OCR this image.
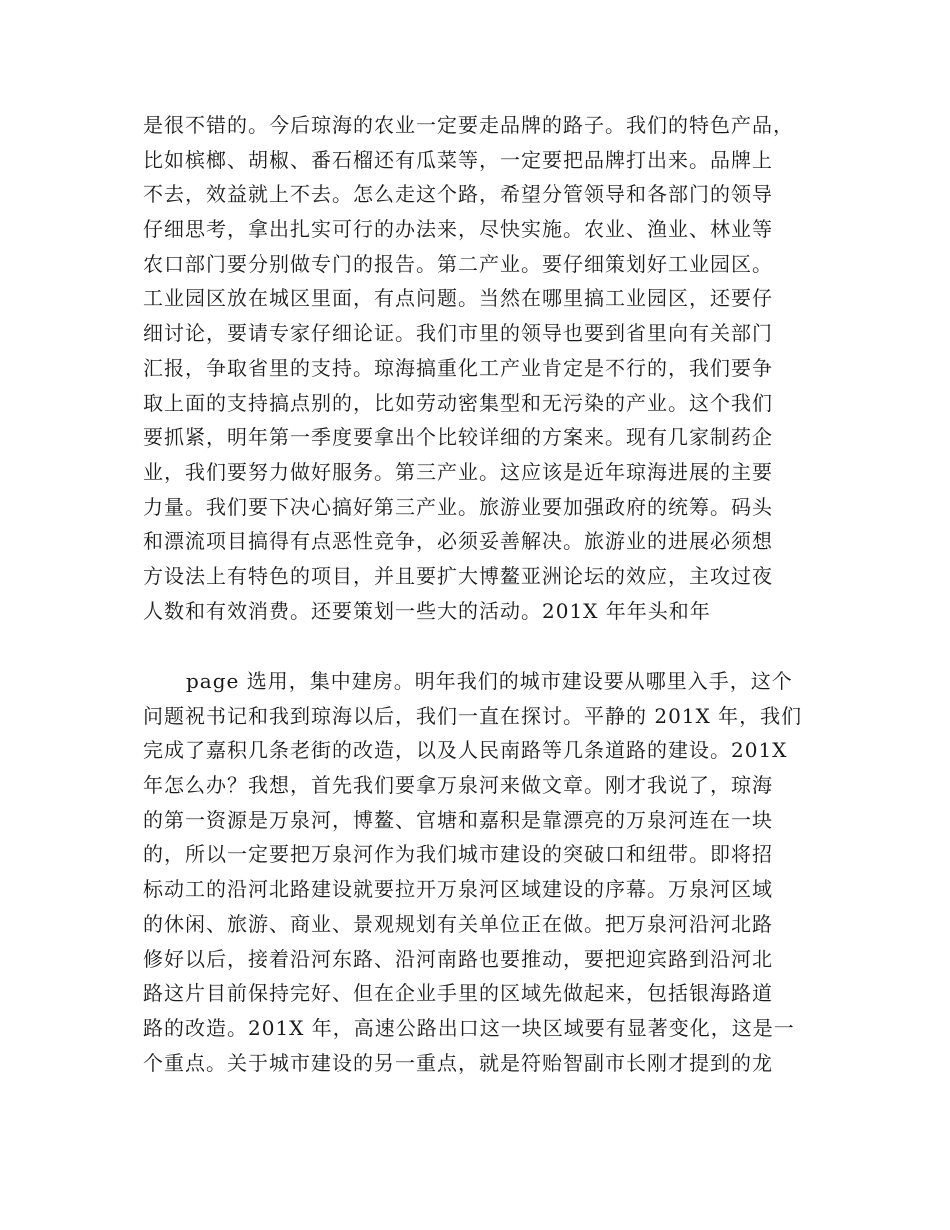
是很不错的。今后琼海的农业一定要走品牌的路子。我们的特色产品，
比如槟榔、胡椒、番石榴还有瓜菜等，一定要把品牌打出来。品牌上
不去，效益就上不去。怎么走这个路，希望分管领导和各部门的领导
仔细思考，拿出扎实可行的办法来，尽快实施。农业、渔业、林业等
农口部门要分别做专门的报告。第二产业。要仔细策划好工业园区。
工业园区放在城区里面，有点问题。当然在哪里搞工业园区，还要仔
细讨论，要请专家仔细论证。我们市里的领导也要到省里向有关部门
汇报，争取省里的支持。琼海搞重化工产业肯定是不行的，我们要争
取上面的支持搞点别的，比如劳动密集型和无污染的产业。这个我们
要抓紧，明年第一季度要拿出个比较详细的方案来。现有几家制药企
业，我们要努力做好服务。第三产业。这应该是近年琼海进展的主要
力量。我们要下决心搞好第三产业。旅游业要加强政府的统筹。码头
和漂流项目搞得有点恶性竞争，必须妥善解决。旅游业的进展必须想
方设法上有特色的项目，并且要扩大博鳌亚洲论坛的效应，主攻过夜
人数和有效消费。还要策划一些大的活动。201X 年年头和年
page 选用，集中建房。明年我们的城市建设要从哪里入手，这个
问题祝书记和我到琼海以后，我们一直在探讨。平静的 201X 年，我们
完成了嘉积几条老街的改造，以及人民南路等几条道路的建设。201X
年怎么办？我想，首先我们要拿万泉河来做文章。刚才我说了，琼海
的第一资源是万泉河，博鳌、官塘和嘉积是靠漂亮的万泉河连在一块
的，所以一定要把万泉河作为我们城市建设的突破口和纽带。即将招
标动工的沿河北路建设就要拉开万泉河区域建设的序幕。万泉河区域
的休闲、旅游、商业、景观规划有关单位正在做。把万泉河沿河北路
修好以后，接着沿河东路、沿河南路也要推动，要把迎宾路到沿河北
路这片目前保持完好、但在企业手里的区域先做起来，包括银海路道
路的改造。201X 年，高速公路出口这一块区域要有显著变化，这是一
个重点。关于城市建设的另一重点，就是符贻智副市长刚才提到的龙
